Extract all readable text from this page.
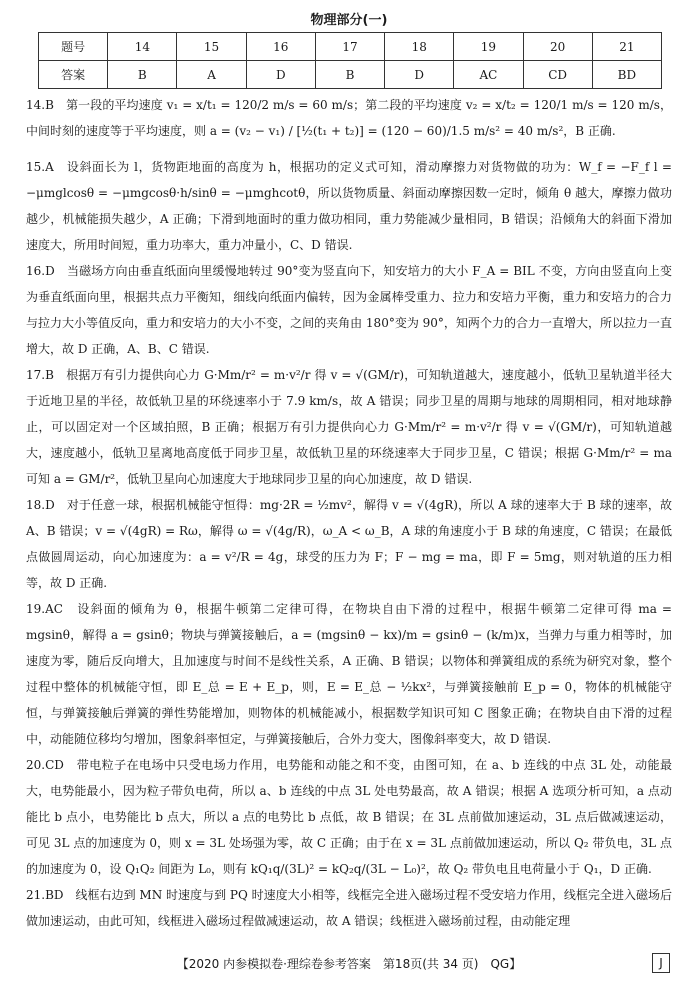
物理部分(一)
题号	14	15	16	17	18	19	20	21
答案	B	A	D	B	D	AC	CD	BD

14.B　第一段的平均速度 v₁ = x/t₁ = 120/2 m/s = 60 m/s；第二段的平均速度 v₂ = x/t₂ = 120/1 m/s = 120 m/s，中间时刻的速度等于平均速度，则 a = (v₂ − v₁) / [½(t₁ + t₂)] = (120 − 60)/1.5 m/s² = 40 m/s²，B 正确.

15.A　设斜面长为 l，货物距地面的高度为 h，根据功的定义式可知，滑动摩擦力对货物做的功为：W_f = −F_f l = −μmglcosθ = −μmgcosθ·h/sinθ = −μmghcotθ，所以货物质量、斜面动摩擦因数一定时，倾角 θ 越大，摩擦力做功越少，机械能损失越少，A 正确；下滑到地面时的重力做功相同，重力势能减少量相同，B 错误；沿倾角大的斜面下滑加速度大，所用时间短，重力功率大，重力冲量小，C、D 错误.

16.D　当磁场方向由垂直纸面向里缓慢地转过 90°变为竖直向下，知安培力的大小 F_A = BIL 不变，方向由竖直向上变为垂直纸面向里，根据共点力平衡知，细线向纸面内偏转，因为金属棒受重力、拉力和安培力平衡，重力和安培力的合力与拉力大小等值反向，重力和安培力的大小不变，之间的夹角由 180°变为 90°，知两个力的合力一直增大，所以拉力一直增大，故 D 正确，A、B、C 错误.

17.B　根据万有引力提供向心力 G·Mm/r² = m·v²/r 得 v = √(GM/r)，可知轨道越大，速度越小，低轨卫星轨道半径大于近地卫星的半径，故低轨卫星的环绕速率小于 7.9 km/s，故 A 错误；同步卫星的周期与地球的周期相同，相对地球静止，可以固定对一个区域拍照，B 正确；根据万有引力提供向心力 G·Mm/r² = m·v²/r 得 v = √(GM/r)，可知轨道越大，速度越小，低轨卫星离地高度低于同步卫星，故低轨卫星的环绕速率大于同步卫星，C 错误；根据 G·Mm/r² = ma 可知 a = GM/r²，低轨卫星向心加速度大于地球同步卫星的向心加速度，故 D 错误.

18.D　对于任意一球，根据机械能守恒得：mg·2R = ½mv²，解得 v = √(4gR)，所以 A 球的速率大于 B 球的速率，故 A、B 错误；v = √(4gR) = Rω，解得 ω = √(4g/R)，ω_A < ω_B，A 球的角速度小于 B 球的角速度，C 错误；在最低点做圆周运动，向心加速度为：a = v²/R = 4g，球受的压力为 F；F − mg = ma，即 F = 5mg，则对轨道的压力相等，故 D 正确.

19.AC　设斜面的倾角为 θ，根据牛顿第二定律可得，在物块自由下滑的过程中，根据牛顿第二定律可得 ma = mgsinθ，解得 a = gsinθ；物块与弹簧接触后，a = (mgsinθ − kx)/m = gsinθ − (k/m)x，当弹力与重力相等时，加速度为零，随后反向增大，且加速度与时间不是线性关系，A 正确、B 错误；以物体和弹簧组成的系统为研究对象，整个过程中整体的机械能守恒，即 E_总 = E + E_p，则，E = E_总 − ½kx²，与弹簧接触前 E_p = 0，物体的机械能守恒，与弹簧接触后弹簧的弹性势能增加，则物体的机械能减小，根据数学知识可知 C 图象正确；在物块自由下滑的过程中，动能随位移均匀增加，图象斜率恒定，与弹簧接触后，合外力变大，图像斜率变大，故 D 错误.

20.CD　带电粒子在电场中只受电场力作用，电势能和动能之和不变，由图可知，在 a、b 连线的中点 3L 处，动能最大，电势能最小，因为粒子带负电荷，所以 a、b 连线的中点 3L 处电势最高，故 A 错误；根据 A 选项分析可知，a 点动能比 b 点小，电势能比 b 点大，所以 a 点的电势比 b 点低，故 B 错误；在 3L 点前做加速运动，3L 点后做减速运动，可见 3L 点的加速度为 0，则 x = 3L 处场强为零，故 C 正确；由于在 x = 3L 点前做加速运动，所以 Q₂ 带负电，3L 点的加速度为 0，设 Q₁Q₂ 间距为 L₀，则有 kQ₁q/(3L)² = kQ₂q/(3L − L₀)²，故 Q₂ 带负电且电荷量小于 Q₁，D 正确.

21.BD　线框右边到 MN 时速度与到 PQ 时速度大小相等，线框完全进入磁场过程不受安培力作用，线框完全进入磁场后做加速运动，由此可知，线框进入磁场过程做减速运动，故 A 错误；线框进入磁场前过程，由动能定理

【2020 内参模拟卷·理综卷参考答案　第18页(共 34 页)　QG】	J
